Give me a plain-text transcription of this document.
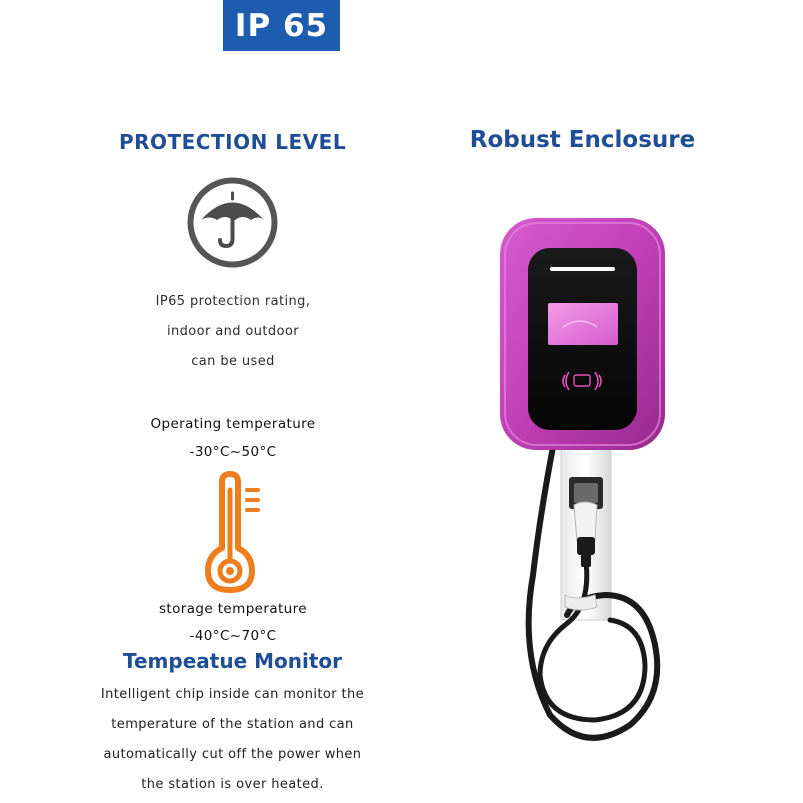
IP 65
PROTECTION LEVEL	Robust Enclosure
IP65 protection rating,
indoor and outdoor
can be used
Operating temperature
-30°C~50°C
storage temperature
-40°C~70°C
Tempeatue Monitor
Intelligent chip inside can monitor the
temperature of the station and can
automatically cut off the power when
the station is over heated.
